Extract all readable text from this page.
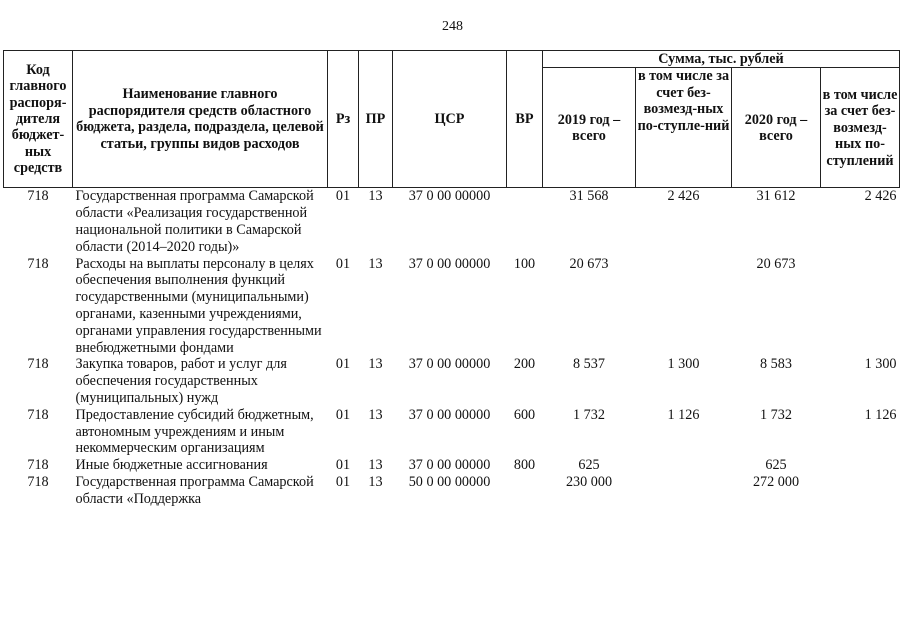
248
Код главного распоря-дителя бюджет-ных средств	Наименование главного распорядителя средств областного бюджета, раздела, подраздела, целевой статьи, группы видов расходов	Рз	ПР	ЦСР	ВР	Сумма, тыс. рублей			
						2019 год – всего	в том числе за счет без-возмезд-ных по-ступле-ний	2020 год – всего	в том числе за счет без-возмезд-ных по-ступлений
718	Государственная программа Самарской области «Реализация государственной национальной политики в Самарской области (2014–2020 годы)»	01	13	37 0 00 00000		31 568	2 426	31 612	2 426
718	Расходы на выплаты персоналу в целях обеспечения выполнения функций государственными (муниципальными) органами, казенными учреждениями, органами управления государственными внебюджетными фондами	01	13	37 0 00 00000	100	20 673		20 673	
718	Закупка товаров, работ и услуг для обеспечения государственных (муниципальных) нужд	01	13	37 0 00 00000	200	8 537	1 300	8 583	1 300
718	Предоставление субсидий бюджетным, автономным учреждениям и иным некоммерческим организациям	01	13	37 0 00 00000	600	1 732	1 126	1 732	1 126
718	Иные бюджетные ассигнования	01	13	37 0 00 00000	800	625		625	
718	Государственная программа Самарской области «Поддержка	01	13	50 0 00 00000		230 000		272 000	
